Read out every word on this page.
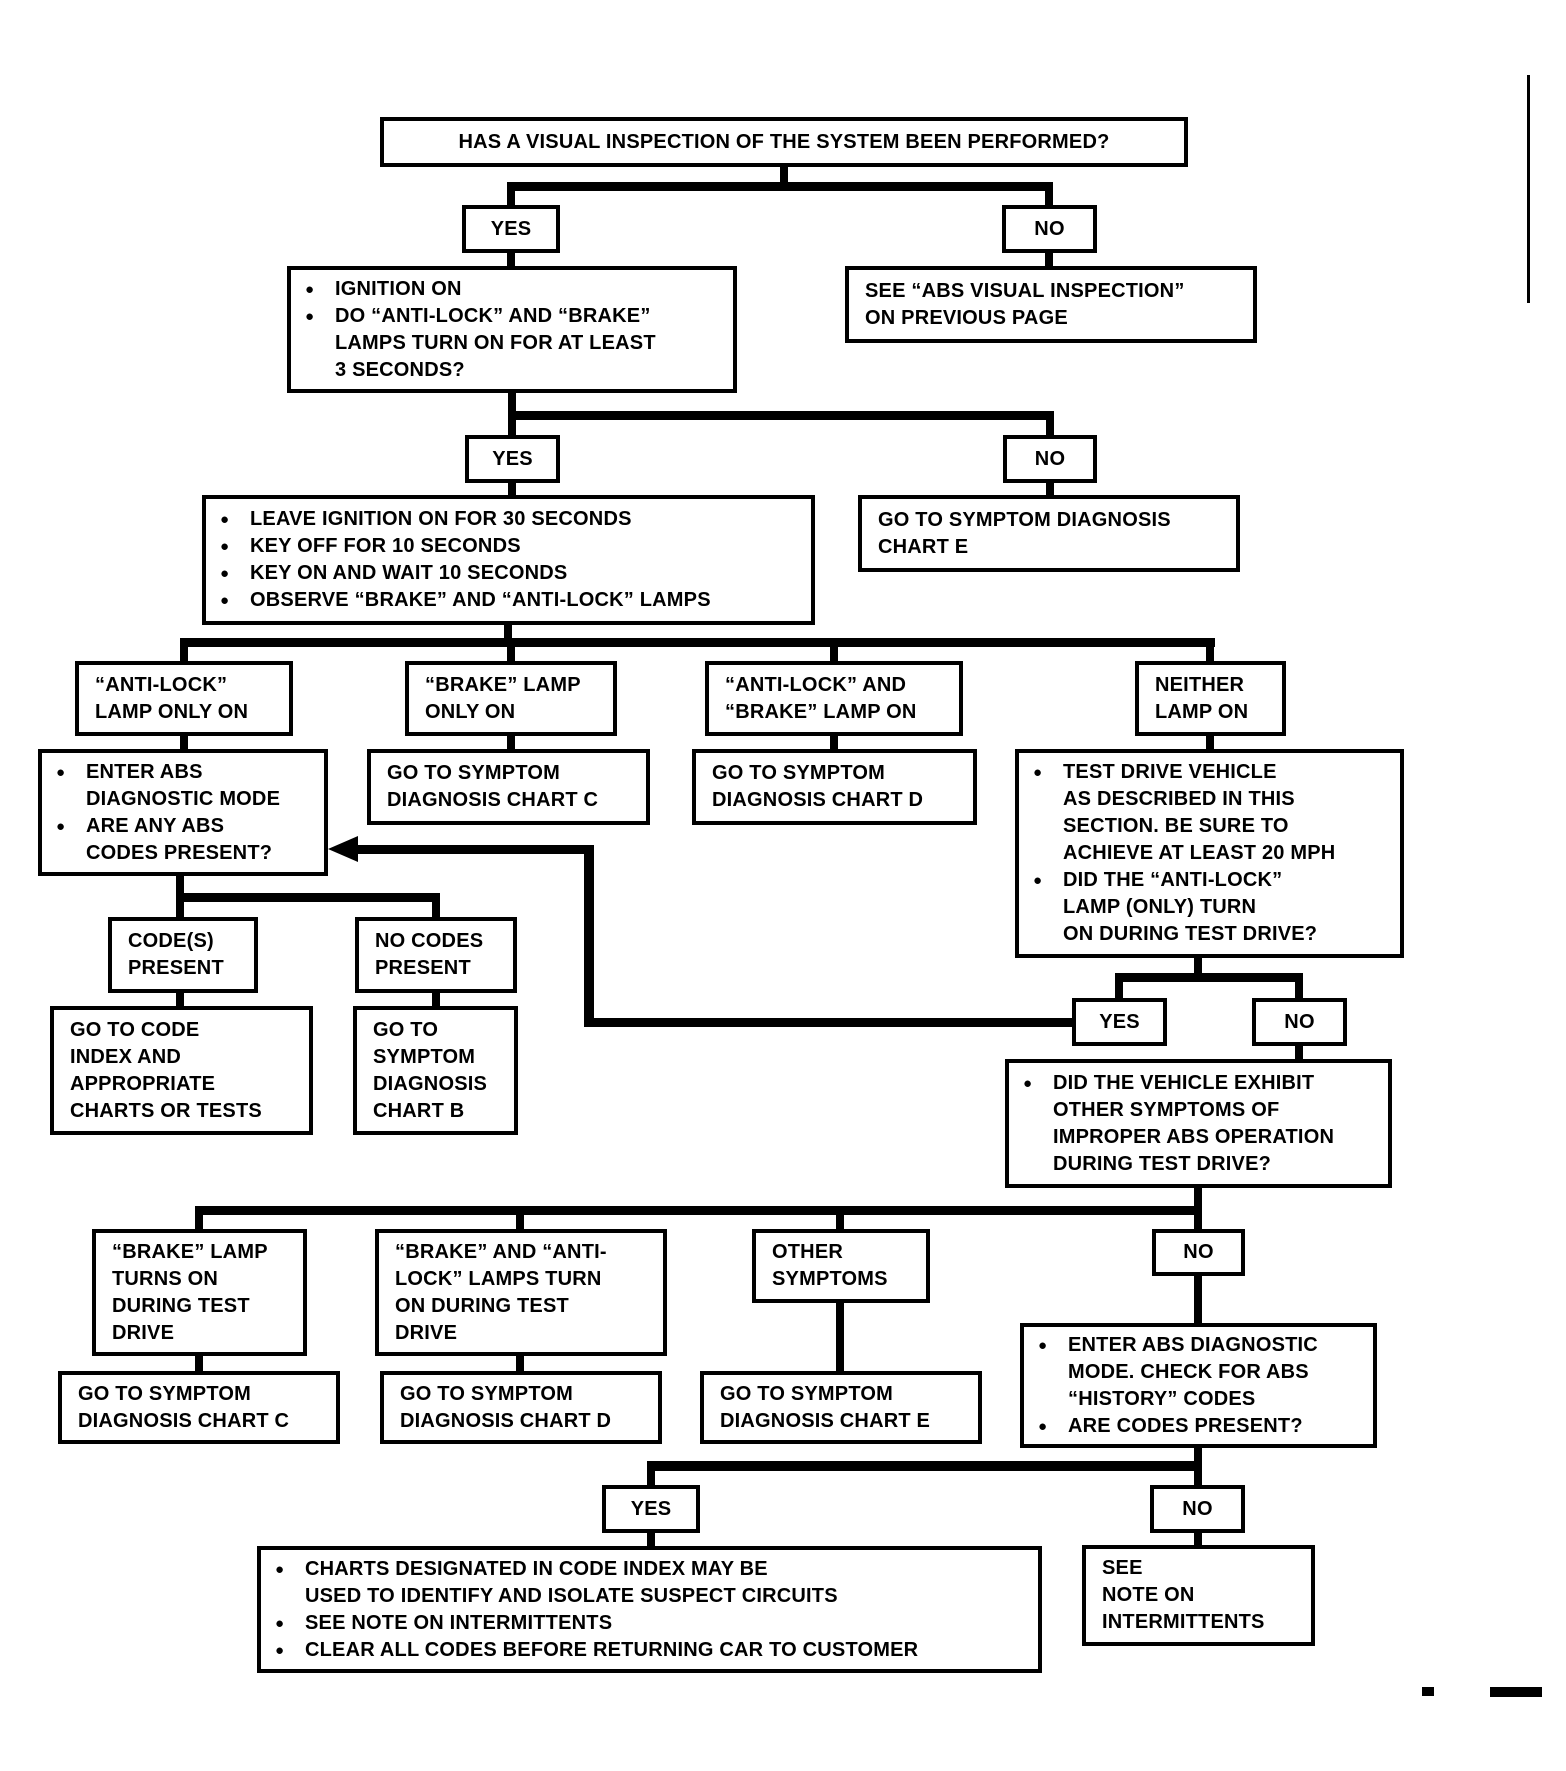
HAS A VISUAL INSPECTION OF THE SYSTEM BEEN PERFORMED?
YES	NO
●
IGNITION ON
●
DO “ANTI-LOCK” AND “BRAKE”
LAMPS TURN ON FOR AT LEAST
3 SECONDS?
SEE “ABS VISUAL INSPECTION”
ON PREVIOUS PAGE
YES	NO
●
LEAVE IGNITION ON FOR 30 SECONDS
●
KEY OFF FOR 10 SECONDS
●
KEY ON AND WAIT 10 SECONDS
●
OBSERVE “BRAKE” AND “ANTI-LOCK” LAMPS
GO TO SYMPTOM DIAGNOSIS
CHART E
“ANTI-LOCK”
LAMP ONLY ON
“BRAKE” LAMP
ONLY ON
“ANTI-LOCK” AND
“BRAKE” LAMP ON
NEITHER
LAMP ON
●
ENTER ABS
DIAGNOSTIC MODE
●
ARE ANY ABS
CODES PRESENT?
GO TO SYMPTOM
DIAGNOSIS CHART C
GO TO SYMPTOM
DIAGNOSIS CHART D
●
TEST DRIVE VEHICLE
AS DESCRIBED IN THIS
SECTION. BE SURE TO
ACHIEVE AT LEAST 20 MPH
●
DID THE “ANTI-LOCK”
LAMP (ONLY) TURN
ON DURING TEST DRIVE?
CODE(S)
PRESENT
NO CODES
PRESENT
GO TO CODE
INDEX AND
APPROPRIATE
CHARTS OR TESTS
GO TO
SYMPTOM
DIAGNOSIS
CHART B
YES	NO
●
DID THE VEHICLE EXHIBIT
OTHER SYMPTOMS OF
IMPROPER ABS OPERATION
DURING TEST DRIVE?
“BRAKE” LAMP
TURNS ON
DURING TEST
DRIVE
“BRAKE” AND “ANTI-
LOCK” LAMPS TURN
ON DURING TEST
DRIVE
OTHER
SYMPTOMS
NO
GO TO SYMPTOM
DIAGNOSIS CHART C
GO TO SYMPTOM
DIAGNOSIS CHART D
GO TO SYMPTOM
DIAGNOSIS CHART E
●
ENTER ABS DIAGNOSTIC
MODE. CHECK FOR ABS
“HISTORY” CODES
●
ARE CODES PRESENT?
YES	NO
●
CHARTS DESIGNATED IN CODE INDEX MAY BE
USED TO IDENTIFY AND ISOLATE SUSPECT CIRCUITS
●
SEE NOTE ON INTERMITTENTS
●
CLEAR ALL CODES BEFORE RETURNING CAR TO CUSTOMER
SEE
NOTE ON
INTERMITTENTS
